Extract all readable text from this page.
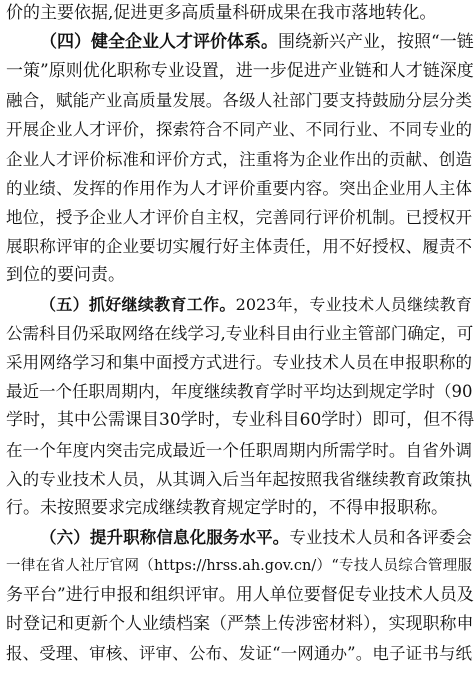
价的主要依据,促进更多高质量科研成果在我市落地转化。
（四）健全企业人才评价体系。围绕新兴产业，按照“一链
一策”原则优化职称专业设置，进一步促进产业链和人才链深度
融合，赋能产业高质量发展。各级人社部门要支持鼓励分层分类
开展企业人才评价，探索符合不同产业、不同行业、不同专业的
企业人才评价标准和评价方式，注重将为企业作出的贡献、创造
的业绩、发挥的作用作为人才评价重要内容。突出企业用人主体
地位，授予企业人才评价自主权，完善同行评价机制。已授权开
展职称评审的企业要切实履行好主体责任，用不好授权、履责不
到位的要问责。
（五）抓好继续教育工作。2023年，专业技术人员继续教育
公需科目仍采取网络在线学习,专业科目由行业主管部门确定，可
采用网络学习和集中面授方式进行。专业技术人员在申报职称的
最近一个任职周期内，年度继续教育学时平均达到规定学时（90
学时，其中公需课目30学时，专业科目60学时）即可，但不得
在一个年度内突击完成最近一个任职周期内所需学时。自省外调
入的专业技术人员，从其调入后当年起按照我省继续教育政策执
行。未按照要求完成继续教育规定学时的，不得申报职称。
（六）提升职称信息化服务水平。专业技术人员和各评委会
一律在省人社厅官网（https://hrss.ah.gov.cn/）“专技人员综合管理服
务平台”进行申报和组织评审。用人单位要督促专业技术人员及
时登记和更新个人业绩档案（严禁上传涉密材料），实现职称申
报、受理、审核、评审、公布、发证“一网通办”。电子证书与纸
